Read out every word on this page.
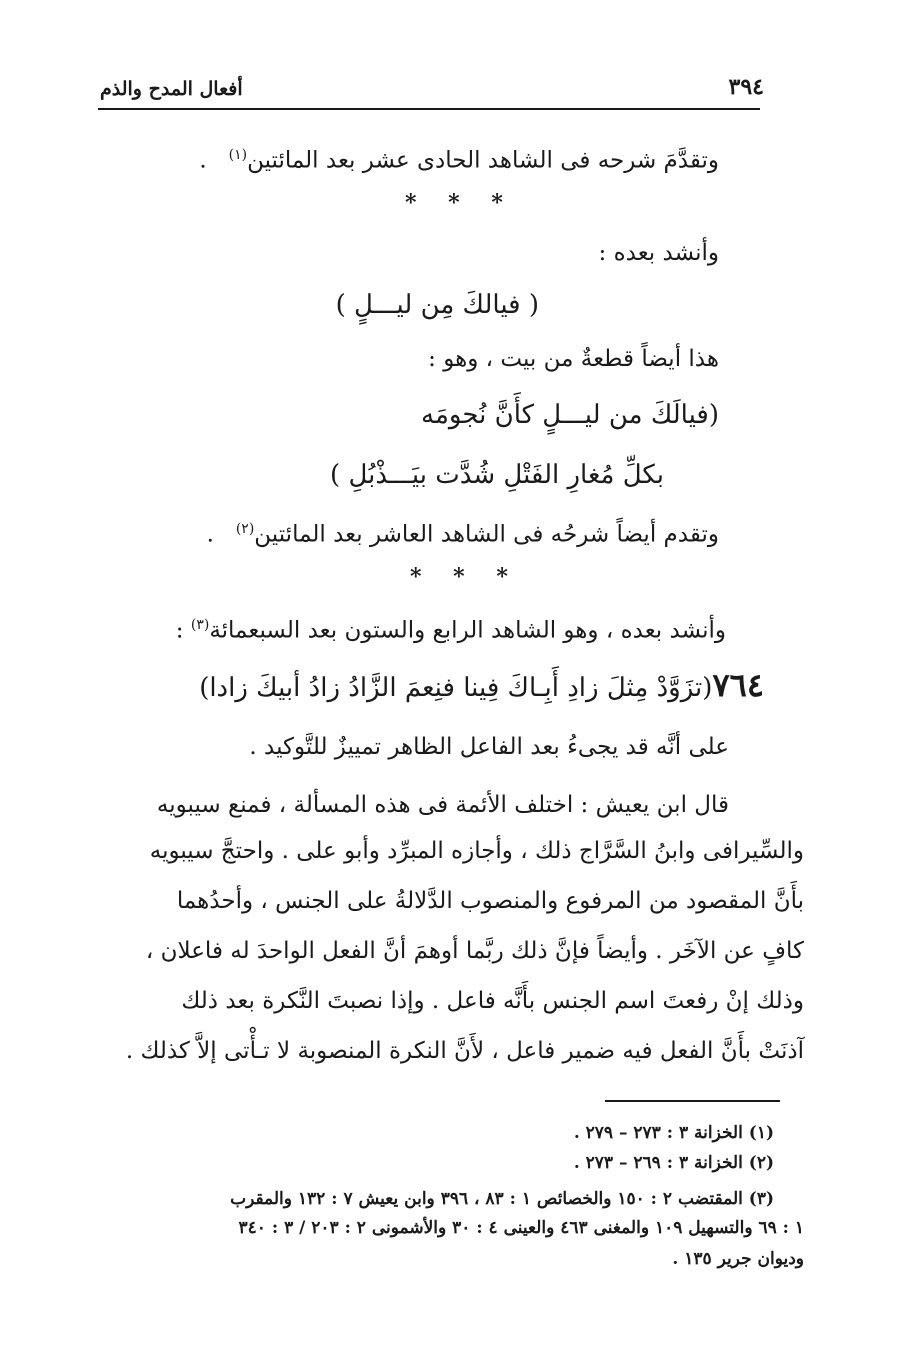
٣٩٤
أفعال المدح والذم
وتقدَّمَ شرحه فى الشاهد الحادى عشر بعد المائتين$^{(١)}$   .
* * *
وأنشد بعده :
( فيالكَ مِن ليـــلٍ )
هذا أيضاً قطعةٌ من بيت ، وهو :
(فيالَكَ من ليـــلٍ كأَنَّ نُجومَه
بكلِّ مُغارِ الفَتْلِ شُدَّت بيَـــذْبُلِ )
وتقدم أيضاً شرحُه فى الشاهد العاشر بعد المائتين$^{(٢)}$   .
* * *
وأنشد بعده ، وهو الشاهد الرابع والستون بعد السبعمائة$^{(٣)}$ :
٧٦٤(تزَوَّدْ مِثلَ زادِ أَبِـاكَ فِينا فنِعمَ الزَّادُ زادُ أبيكَ زادا)
على أنَّه قد يجىءُ بعد الفاعل الظاهر تمييزٌ للتَّوكيد .
قال ابن يعيش : اختلف الأئمة فى هذه المسألة ، فمنع سيبويه
والسِّيرافى وابنُ السَّرَّاج ذلك ، وأجازه المبرِّد وأبو على . واحتجَّ سيبويه
بأَنَّ المقصود من المرفوع والمنصوب الدَّلالةُ على الجنس ، وأحدُهما
كافٍ عن الآخَر . وأيضاً فإنَّ ذلك ربَّما أوهمَ أنَّ الفعل الواحدَ له فاعلان ،
وذلك إنْ رفعتَ اسم الجنس بأَنَّه فاعل . وإذا نصبتَ النَّكرة بعد ذلك
آذنَتْ بأَنَّ الفعل فيه ضمير فاعل ، لأَنَّ النكرة المنصوبة لا تـأْتى إلاَّ كذلك .
(١) الخزانة ٣ : ٢٧٣ – ٢٧٩ .
(٢) الخزانة ٣ : ٢٦٩ – ٢٧٣ .
(٣) المقتضب ٢ : ١٥٠ والخصائص ١ : ٨٣ ، ٣٩٦ وابن يعيش ٧ : ١٣٢ والمقرب
١ : ٦٩ والتسهيل ١٠٩ والمغنى ٤٦٣ والعينى ٤ : ٣٠ والأشمونى ٢ : ٢٠٣ / ٣ : ٣٤٠
وديوان جرير ١٣٥ .
